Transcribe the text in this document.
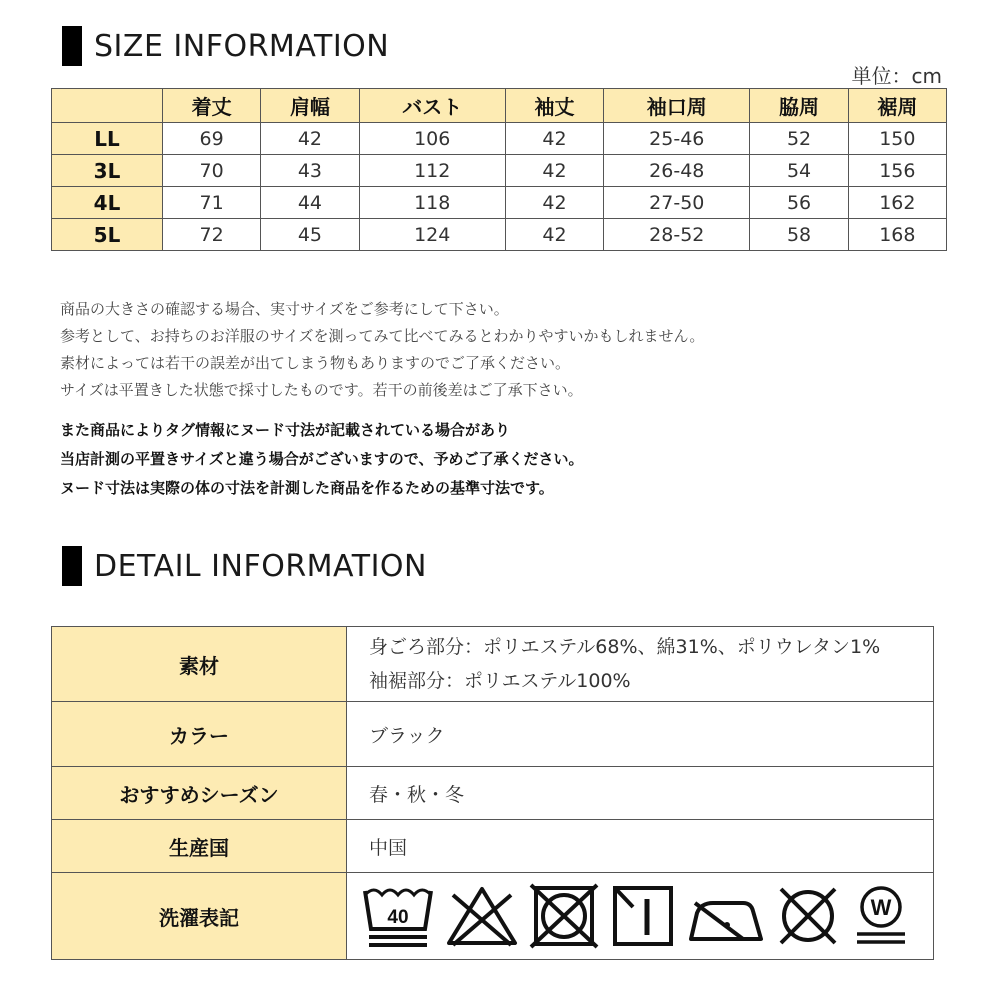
SIZE INFORMATION
単位：cm
	着丈	肩幅	バスト	袖丈	袖口周	脇周	裾周
LL	69	42	106	42	25-46	52	150
3L	70	43	112	42	26-48	54	156
4L	71	44	118	42	27-50	56	162
5L	72	45	124	42	28-52	58	168
商品の大きさの確認する場合、実寸サイズをご参考にして下さい。
参考として、お持ちのお洋服のサイズを測ってみて比べてみるとわかりやすいかもしれません。
素材によっては若干の誤差が出てしまう物もありますのでご了承ください。
サイズは平置きした状態で採寸したものです。若干の前後差はご了承下さい。
また商品によりタグ情報にヌード寸法が記載されている場合があり
当店計測の平置きサイズと違う場合がございますので、予めご了承ください。
ヌード寸法は実際の体の寸法を計測した商品を作るための基準寸法です。
DETAIL INFORMATION
素材	身ごろ部分：ポリエステル68%、綿31%、ポリウレタン1%
袖裾部分：ポリエステル100%

カラー	ブラック
おすすめシーズン	春・秋・冬
生産国	中国
洗濯表記	40 W
